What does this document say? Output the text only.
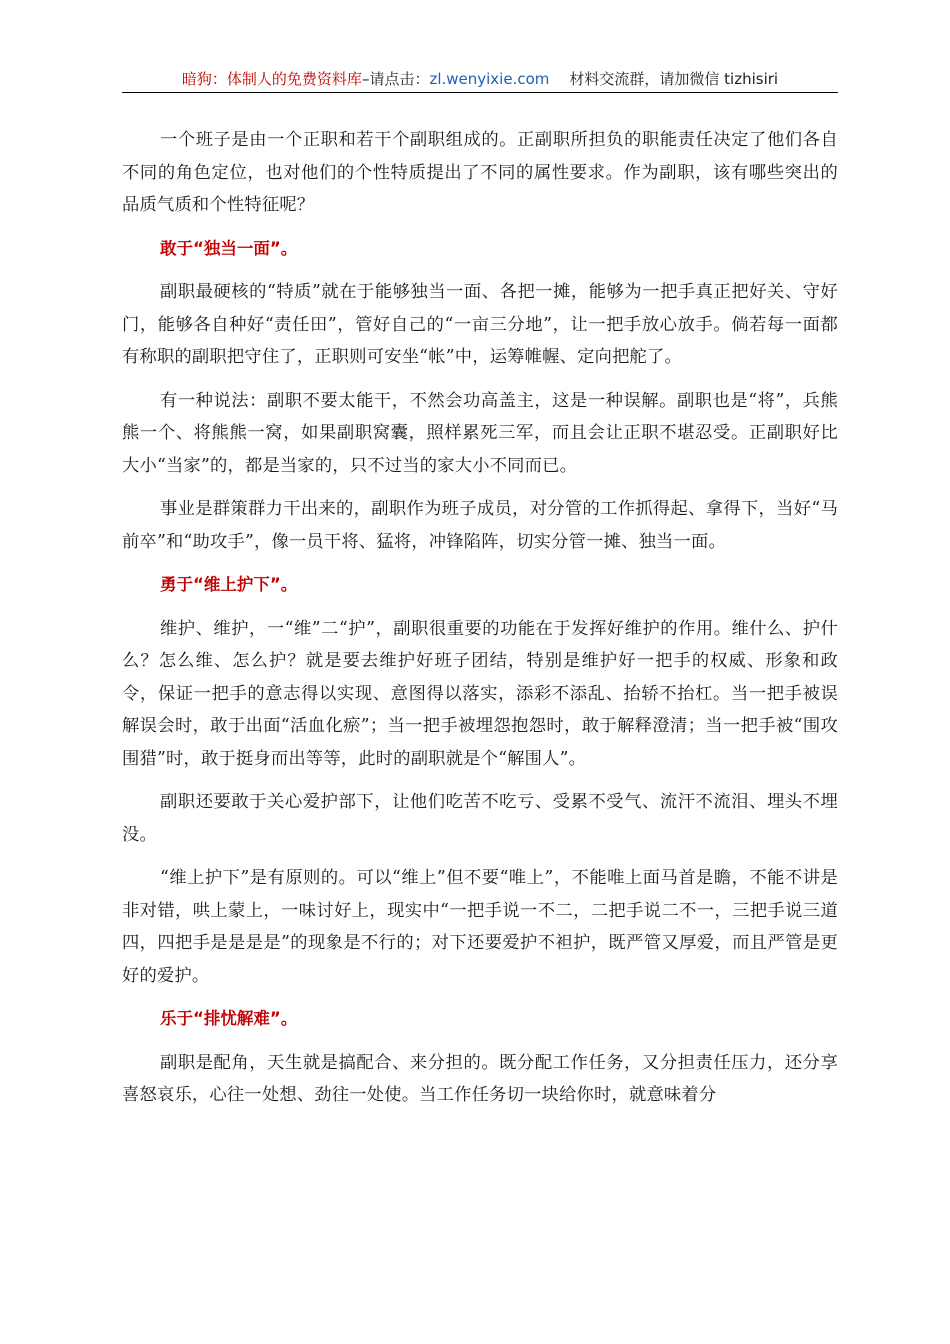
暗狗：体制人的免费资料库–请点击：zl.wenyixie.com 材料交流群，请加微信 tizhisiri

一个班子是由一个正职和若干个副职组成的。正副职所担负的职能责任决定了他们各自不同的角色定位，也对他们的个性特质提出了不同的属性要求。作为副职，该有哪些突出的品质气质和个性特征呢？

敢于“独当一面”。

副职最硬核的“特质”就在于能够独当一面、各把一摊，能够为一把手真正把好关、守好门，能够各自种好“责任田”，管好自己的“一亩三分地”，让一把手放心放手。倘若每一面都有称职的副职把守住了，正职则可安坐“帐”中，运筹帷幄、定向把舵了。

有一种说法：副职不要太能干，不然会功高盖主，这是一种误解。副职也是“将”，兵熊熊一个、将熊熊一窝，如果副职窝囊，照样累死三军，而且会让正职不堪忍受。正副职好比大小“当家”的，都是当家的，只不过当的家大小不同而已。

事业是群策群力干出来的，副职作为班子成员，对分管的工作抓得起、拿得下，当好“马前卒”和“助攻手”，像一员干将、猛将，冲锋陷阵，切实分管一摊、独当一面。

勇于“维上护下”。

维护、维护，一“维”二“护”，副职很重要的功能在于发挥好维护的作用。维什么、护什么？怎么维、怎么护？就是要去维护好班子团结，特别是维护好一把手的权威、形象和政令，保证一把手的意志得以实现、意图得以落实，添彩不添乱、抬轿不抬杠。当一把手被误解误会时，敢于出面“活血化瘀”；当一把手被埋怨抱怨时，敢于解释澄清；当一把手被“围攻围猎”时，敢于挺身而出等等，此时的副职就是个“解围人”。

副职还要敢于关心爱护部下，让他们吃苦不吃亏、受累不受气、流汗不流泪、埋头不埋没。

“维上护下”是有原则的。可以“维上”但不要“唯上”，不能唯上面马首是瞻，不能不讲是非对错，哄上蒙上，一味讨好上，现实中“一把手说一不二，二把手说二不一，三把手说三道四，四把手是是是是”的现象是不行的；对下还要爱护不袒护，既严管又厚爱，而且严管是更好的爱护。

乐于“排忧解难”。

副职是配角，天生就是搞配合、来分担的。既分配工作任务，又分担责任压力，还分享喜怒哀乐，心往一处想、劲往一处使。当工作任务切一块给你时，就意味着分
